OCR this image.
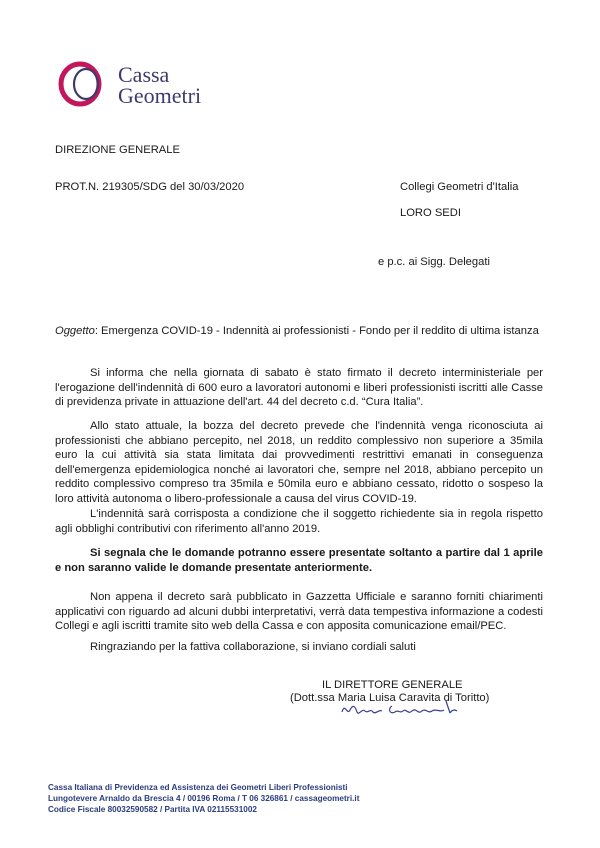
Cassa
Geometri
DIREZIONE GENERALE
PROT.N. 219305/SDG del 30/03/2020	Collegi Geometri d'Italia
LORO SEDI
e p.c. ai Sigg. Delegati
Oggetto: Emergenza COVID-19 - Indennità ai professionisti - Fondo per il reddito di ultima istanza
Si informa che nella giornata di sabato è stato firmato il decreto interministeriale per l'erogazione dell'indennità di 600 euro a lavoratori autonomi e liberi professionisti iscritti alle Casse di previdenza private in attuazione dell'art. 44 del decreto c.d. “Cura Italia”.
Allo stato attuale, la bozza del decreto prevede che l'indennità venga riconosciuta ai professionisti che abbiano percepito, nel 2018, un reddito complessivo non superiore a 35mila euro la cui attività sia stata limitata dai provvedimenti restrittivi emanati in conseguenza dell'emergenza epidemiologica nonché ai lavoratori che, sempre nel 2018, abbiano percepito un reddito complessivo compreso tra 35mila e 50mila euro e abbiano cessato, ridotto o sospeso la loro attività autonoma o libero-professionale a causa del virus COVID-19.
L'indennità sarà corrisposta a condizione che il soggetto richiedente sia in regola rispetto agli obblighi contributivi con riferimento all'anno 2019.
Si segnala che le domande potranno essere presentate soltanto a partire dal 1 aprile e non saranno valide le domande presentate anteriormente.
Non appena il decreto sarà pubblicato in Gazzetta Ufficiale e saranno forniti chiarimenti applicativi con riguardo ad alcuni dubbi interpretativi, verrà data tempestiva informazione a codesti Collegi e agli iscritti tramite sito web della Cassa e con apposita comunicazione email/PEC.
Ringraziando per la fattiva collaborazione, si inviano cordiali saluti
IL DIRETTORE GENERALE
(Dott.ssa Maria Luisa Caravita di Toritto)
Cassa Italiana di Previdenza ed Assistenza dei Geometri Liberi Professionisti
Lungotevere Arnaldo da Brescia 4 / 00196 Roma / T 06 326861 / cassageometri.it
Codice Fiscale 80032590582 / Partita IVA 02115531002
